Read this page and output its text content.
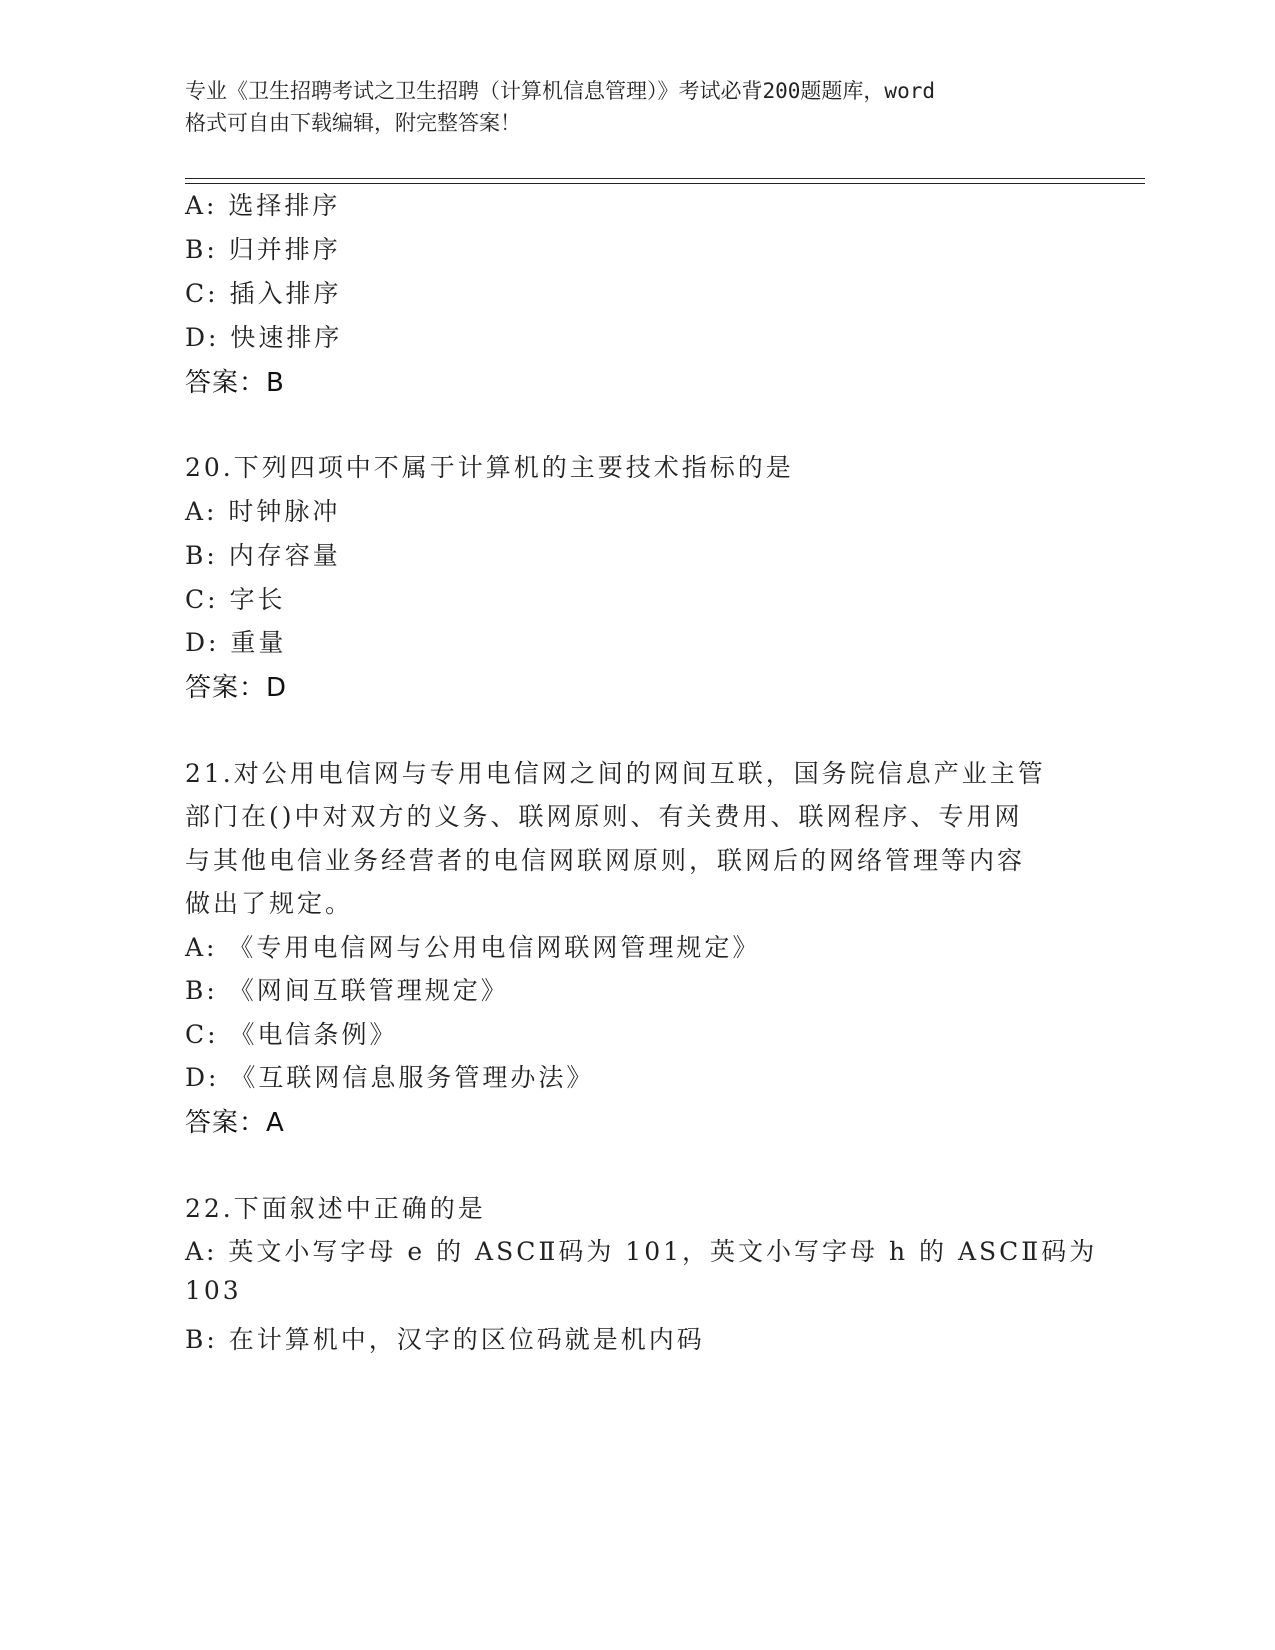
专业《卫生招聘考试之卫生招聘（计算机信息管理）》考试必背200题题库，word
格式可自由下载编辑，附完整答案！
A: 选择排序
B: 归并排序
C: 插入排序
D: 快速排序
答案：B
20.下列四项中不属于计算机的主要技术指标的是
A: 时钟脉冲
B: 内存容量
C: 字长
D: 重量
答案：D
21.对公用电信网与专用电信网之间的网间互联，国务院信息产业主管
部门在()中对双方的义务、联网原则、有关费用、联网程序、专用网
与其他电信业务经营者的电信网联网原则，联网后的网络管理等内容
做出了规定。
A: 《专用电信网与公用电信网联网管理规定》
B: 《网间互联管理规定》
C: 《电信条例》
D: 《互联网信息服务管理办法》
答案：A
22.下面叙述中正确的是
A: 英文小写字母 e 的 ASCⅡ码为 101，英文小写字母 h 的 ASCⅡ码为
103
B: 在计算机中，汉字的区位码就是机内码
